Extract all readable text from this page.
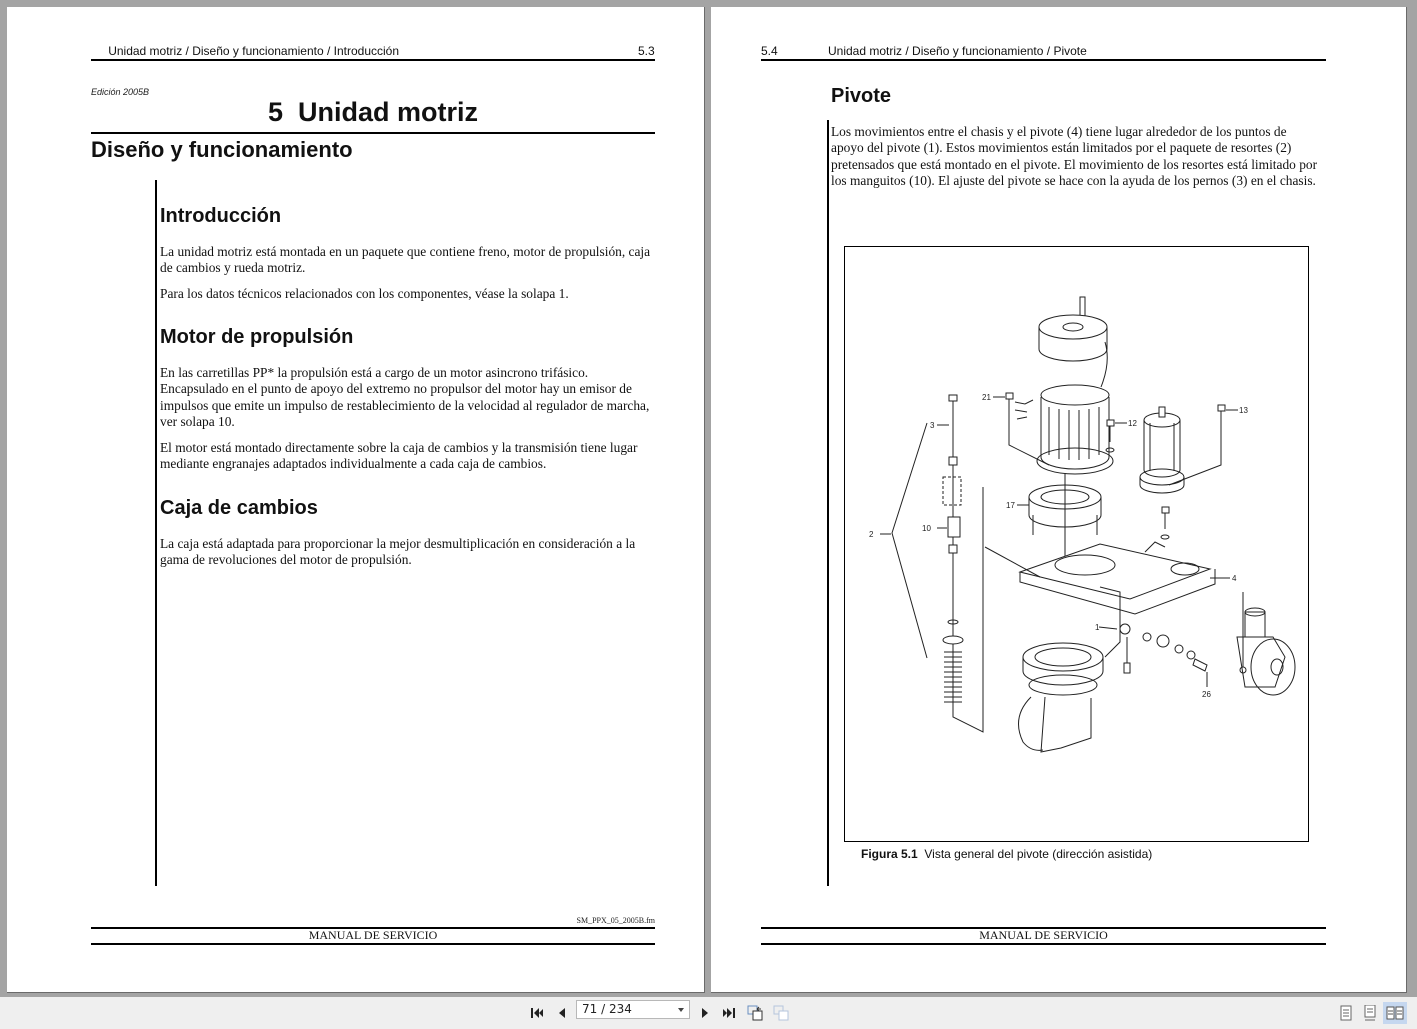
Unidad motriz / Diseño y funcionamiento / Introducción	5.3
Edición 2005B
5  Unidad motriz
Diseño y funcionamiento
Introducción
La unidad motriz está montada en un paquete que contiene freno, motor de propulsión, caja de cambios y rueda motriz.
Para los datos técnicos relacionados con los componentes, véase la solapa 1.
Motor de propulsión
En las carretillas PP* la propulsión está a cargo de un motor asincrono trifásico. Encapsulado en el punto de apoyo del extremo no propulsor del motor hay un emisor de impulsos que emite un impulso de restablecimiento de la velocidad al regulador de marcha, ver solapa 10.
El motor está montado directamente sobre la caja de cambios y la transmisión tiene lugar mediante engranajes adaptados individualmente a cada caja de cambios.
Caja de cambios
La caja está adaptada para proporcionar la mejor desmultiplicación en consideración a la gama de revoluciones del motor de propulsión.
SM_PPX_05_2005B.fm
MANUAL DE SERVICIO
5.4	Unidad motriz / Diseño y funcionamiento / Pivote
Pivote
Los movimientos entre el chasis y el pivote (4) tiene lugar alrededor de los puntos de apoyo del pivote (1). Estos movimientos están limitados por el paquete de resortes (2) pretensados que está montado en el pivote. El movimiento de los resortes está limitado por los manguitos (10). El ajuste del pivote se hace con la ayuda de los pernos (3) en el chasis.
2
3
10
21
12
13
17
4
1
26
Figura 5.1 Vista general del pivote (dirección asistida)
MANUAL DE SERVICIO
71 / 234
